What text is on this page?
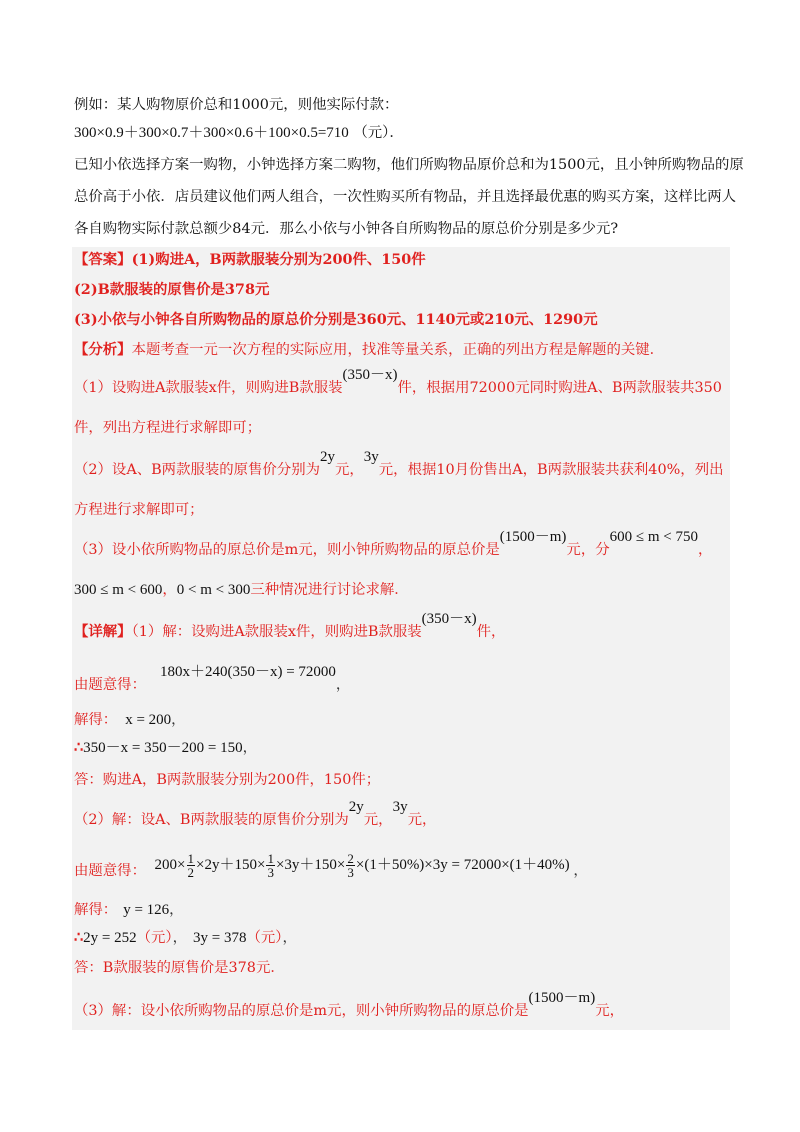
例如：某人购物原价总和1000元，则他实际付款：
300×0.9＋300×0.7＋300×0.6＋100×0.5=710 （元）．
已知小依选择方案一购物，小钟选择方案二购物，他们所购物品原价总和为1500元，且小钟所购物品的原
总价高于小依．店员建议他们两人组合，一次性购买所有物品，并且选择最优惠的购买方案，这样比两人
各自购物实际付款总额少84元．那么小依与小钟各自所购物品的原总价分别是多少元?
【答案】(1)购进A，B两款服装分别为200件、150件
(2)B款服装的原售价是378元
(3)小依与小钟各自所购物品的原总价分别是360元、1140元或210元、1290元
【分析】本题考查一元一次方程的实际应用，找准等量关系，正确的列出方程是解题的关键．
（1）设购进A款服装x件，则购进B款服装(350－x)件，根据用72000元同时购进A、B两款服装共350
件，列出方程进行求解即可；
（2）设A、B两款服装的原售价分别为2y元，3y元，根据10月份售出A，B两款服装共获利40%，列出
方程进行求解即可；
（3）设小依所购物品的原总价是m元，则小钟所购物品的原总价是(1500－m)元，分600 ≤ m < 750，
300 ≤ m < 600，0 < m < 300三种情况进行讨论求解．
【详解】（1）解：设购进A款服装x件，则购进B款服装(350－x)件，
由题意得：180x＋240(350－x) = 72000，
解得： x = 200，
∴350－x = 350－200 = 150，
答：购进A，B两款服装分别为200件，150件；
（2）解：设A、B两款服装的原售价分别为2y元，3y元，
由题意得： $200\times \frac{1}{2} \times 2y+150\times \frac{1}{3} \times 3y+150\times \frac{2}{3} \times(1+50\%)\times 3y = 72000\times(1+40\%)$ ，
解得： y = 126，
∴2y = 252（元）， 3y = 378（元），
答：B款服装的原售价是378元．
（3）解：设小依所购物品的原总价是m元，则小钟所购物品的原总价是(1500－m)元，
